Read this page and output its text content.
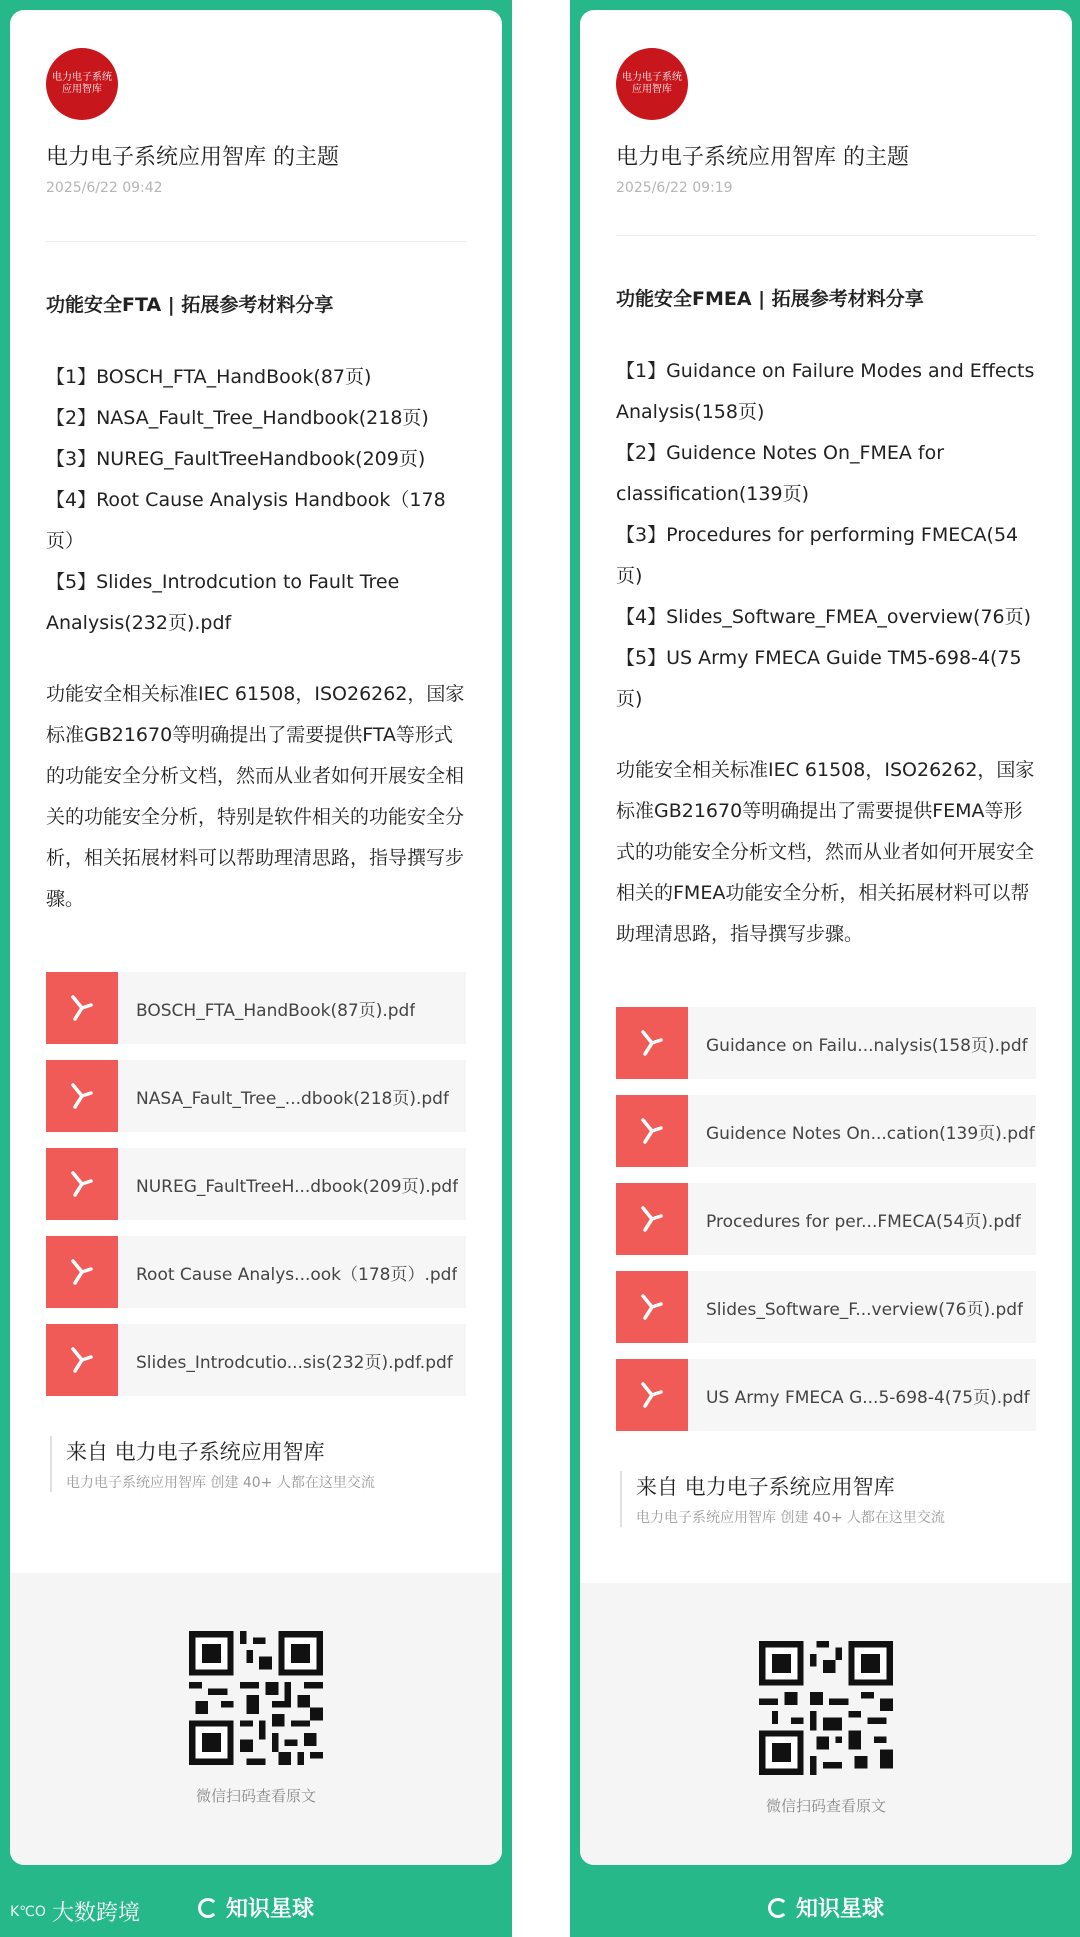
电力电子系统应用智库
电力电子系统应用智库 的主题
2025/6/22 09:42
功能安全FTA | 拓展参考材料分享
【1】BOSCH_FTA_HandBook(87页)
【2】NASA_Fault_Tree_Handbook(218页)
【3】NUREG_FaultTreeHandbook(209页)
【4】Root Cause Analysis Handbook（178页）
【5】Slides_Introdcution to Fault Tree Analysis(232页).pdf
功能安全相关标准IEC 61508，ISO26262，国家标准GB21670等明确提出了需要提供FTA等形式的功能安全分析文档，然而从业者如何开展安全相关的功能安全分析，特别是软件相关的功能安全分析，相关拓展材料可以帮助理清思路，指导撰写步骤。
BOSCH_FTA_HandBook(87页).pdf
NASA_Fault_Tree_...dbook(218页).pdf
NUREG_FaultTreeH...dbook(209页).pdf
Root Cause Analys...ook（178页）.pdf
Slides_Introdcutio...sis(232页).pdf.pdf
来自 电力电子系统应用智库
电力电子系统应用智库 创建 40+ 人都在这里交流
微信扫码查看原文
知识星球
K℃O 大数跨境
电力电子系统应用智库
电力电子系统应用智库 的主题
2025/6/22 09:19
功能安全FMEA | 拓展参考材料分享
【1】Guidance on Failure Modes and Effects Analysis(158页)
【2】Guidence Notes On_FMEA for classification(139页)
【3】Procedures for performing FMECA(54页)
【4】Slides_Software_FMEA_overview(76页)
【5】US Army FMECA Guide TM5-698-4(75页)
功能安全相关标准IEC 61508，ISO26262，国家标准GB21670等明确提出了需要提供FEMA等形式的功能安全分析文档，然而从业者如何开展安全相关的FMEA功能安全分析，相关拓展材料可以帮助理清思路，指导撰写步骤。
Guidance on Failu...nalysis(158页).pdf
Guidence Notes On...cation(139页).pdf
Procedures for per...FMECA(54页).pdf
Slides_Software_F...verview(76页).pdf
US Army FMECA G...5-698-4(75页).pdf
来自 电力电子系统应用智库
电力电子系统应用智库 创建 40+ 人都在这里交流
微信扫码查看原文
知识星球
